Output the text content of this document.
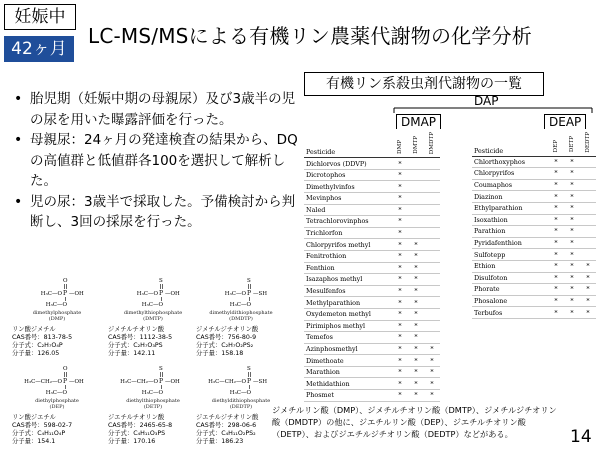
妊娠中
42ヶ月
LC-MS/MSによる有機リン農薬代謝物の化学分析
• 胎児期（妊娠中期の母親尿）及び3歳半の児の尿を用いた曝露評価を行った。
• 母親尿：24ヶ月の発達検査の結果から、DQの高値群と低値群各100を選択して解析した。
• 児の尿：3歳半で採取した。予備検討から判断し、3回の採尿を行った。
O
P
H₃C—O —OH
H₃C—O
dimethylphosphate
(DMP)
リン酸ジメチル
CAS番号：813-78-5
分子式：C₂H₇O₄P
分子量：126.05
S
P
H₃C—O —OH
H₃C—O
dimethylthiophosphate
(DMTP)
ジメチルチオリン酸
CAS番号：1112-38-5
分子式：C₂H₇O₃PS
分子量：142.11
S
P
H₃C—O —SH
H₃C—O
dimethyldithiophosphate
(DMDTP)
ジメチルジチオリン酸
CAS番号：756-80-9
分子式：C₂H₇O₂PS₂
分子量：158.18
O
P
H₃C—CH₂—O —OH
H₃C—O
diethylphosphate
(DEP)
リン酸ジエチル
CAS番号：598-02-7
分子式：C₄H₁₁O₄P
分子量：154.1
S
P
H₃C—CH₂—O —OH
H₃C—O
diethylthiophosphate
(DETP)
ジエチルチオリン酸
CAS番号：2465-65-8
分子式：C₄H₁₁O₃PS
分子量：170.16
S
P
H₃C—CH₂—O —SH
H₃C—O
diethyldithiophosphate
(DEDTP)
ジエチルジチオリン酸
CAS番号：298-06-6
分子式：C₄H₁₁O₂PS₂
分子量：186.23
有機リン系殺虫剤代謝物の一覧
DAP
DMAP	DEAP
Pesticide	DMP	DMTP	DMDTP
Dichlorvos (DDVP)	*		
Dicrotophos	*		
Dimethylvinfos	*		
Mevinphos	*		
Naled	*		
Tetrachlorovinphos	*		
Trichlorfon	*		
Chlorpyrifos methyl	*	*	
Fenitrothion	*	*	
Fenthion	*	*	
Isazaphos methyl	*	*	
Mesulfenfos	*	*	
Methylparathion	*	*	
Oxydemeton methyl	*	*	
Pirimiphos methyl	*	*	
Temefos	*	*	
Azinphosmethyl	*	*	*
Dimethoate	*	*	*
Marathion	*	*	*
Methidathion	*	*	*
Phosmet	*	*	*
Pesticide	DEP	DETP	DEDTP
Chlorthoxyphos	*	*	
Chlorpyrifos	*	*	
Coumaphos	*	*	
Diazinon	*	*	
Ethylparathion	*	*	
Isoxathion	*	*	
Parathion	*	*	
Pyridafenthion	*	*	
Sulfotepp	*	*	
Ethion	*	*	*
Disulfoton	*	*	*
Phorate	*	*	*
Phosalone	*	*	*
Terbufos	*	*	*
ジメチルリン酸（DMP）、ジメチルチオリン酸（DMTP）、ジメチルジチオリン酸（DMDTP）の他に、ジエチルリン酸（DEP）、ジエチルチオリン酸（DETP）、およびジエチルジチオリン酸（DEDTP）などがある。	14
